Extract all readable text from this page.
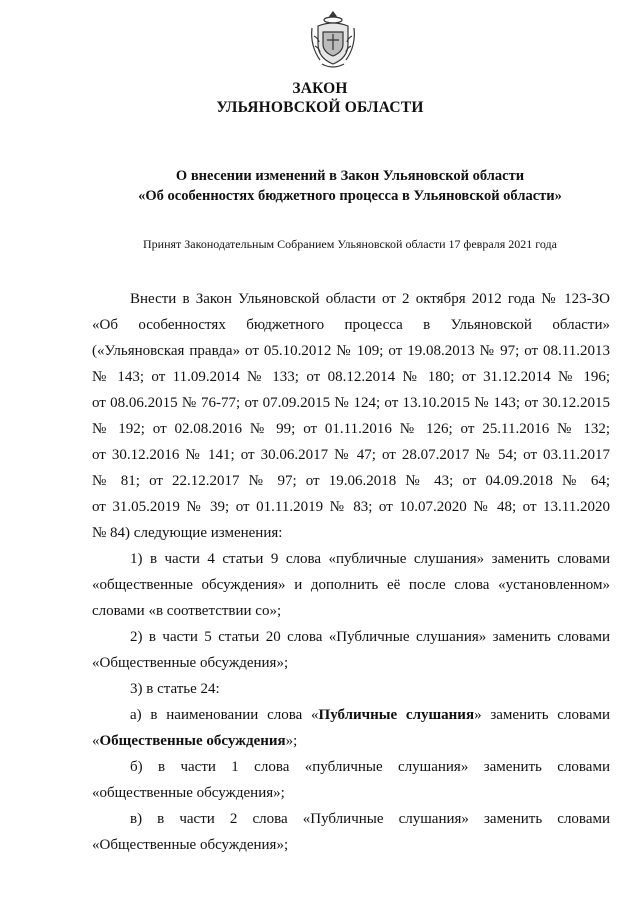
ЗАКОН
УЛЬЯНОВСКОЙ ОБЛАСТИ
О внесении изменений в Закон Ульяновской области
«Об особенностях бюджетного процесса в Ульяновской области»
Принят Законодательным Собранием Ульяновской области 17 февраля 2021 года
Внести в Закон Ульяновской области от 2 октября 2012 года № 123-ЗО
«Об особенностях бюджетного процесса в Ульяновской области»
(«Ульяновская правда» от 05.10.2012 № 109; от 19.08.2013 № 97; от 08.11.2013
№ 143; от 11.09.2014 № 133; от 08.12.2014 № 180; от 31.12.2014 № 196;
от 08.06.2015 № 76-77; от 07.09.2015 № 124; от 13.10.2015 № 143; от 30.12.2015
№ 192; от 02.08.2016 № 99; от 01.11.2016 № 126; от 25.11.2016 № 132;
от 30.12.2016 № 141; от 30.06.2017 № 47; от 28.07.2017 № 54; от 03.11.2017
№ 81; от 22.12.2017 № 97; от 19.06.2018 № 43; от 04.09.2018 № 64;
от 31.05.2019 № 39; от 01.11.2019 № 83; от 10.07.2020 № 48; от 13.11.2020
№ 84) следующие изменения:
1) в части 4 статьи 9 слова «публичные слушания» заменить словами
«общественные обсуждения» и дополнить её после слова «установленном»
словами «в соответствии со»;
2) в части 5 статьи 20 слова «Публичные слушания» заменить словами
«Общественные обсуждения»;
3) в статье 24:
а) в наименовании слова «Публичные слушания» заменить словами
«Общественные обсуждения»;
б) в части 1 слова «публичные слушания» заменить словами
«общественные обсуждения»;
в) в части 2 слова «Публичные слушания» заменить словами
«Общественные обсуждения»;
